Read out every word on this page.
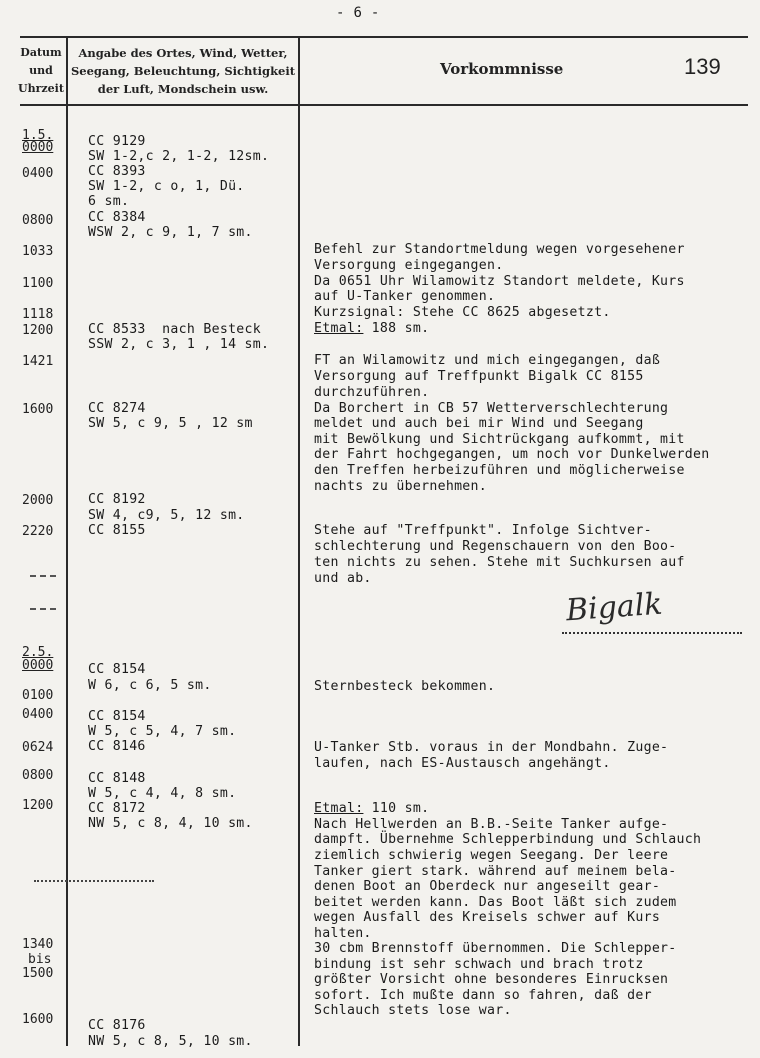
- 6 -
Datum
und
Uhrzeit
Angabe des Ortes, Wind, Wetter, Seegang, Beleuchtung, Sichtigkeit der Luft, Mondschein usw.
Vorkommnisse	139
1.5.
0000
0400
0800
1033
1100
1118
1200
1421
1600
2000
2220
2.5.
0000
0100
0400
0624
0800
1200
1340
bis
1500
1600
CC 9129
SW 1-2,c 2, 1-2, 12sm.
CC 8393
SW 1-2, c o, 1, Dü.
6 sm.
CC 8384
WSW 2, c 9, 1, 7 sm.
CC 8533  nach Besteck
SSW 2, c 3, 1 , 14 sm.
CC 8274
SW 5, c 9, 5 , 12 sm
CC 8192
SW 4, c9, 5, 12 sm.
CC 8155
CC 8154
W 6, c 6, 5 sm.
CC 8154
W 5, c 5, 4, 7 sm.
CC 8146
CC 8148
W 5, c 4, 4, 8 sm.
CC 8172
NW 5, c 8, 4, 10 sm.
CC 8176
NW 5, c 8, 5, 10 sm.
Befehl zur Standortmeldung wegen vorgesehener
Versorgung eingegangen.
Da 0651 Uhr Wilamowitz Standort meldete, Kurs
auf U-Tanker genommen.
Kurzsignal: Stehe CC 8625 abgesetzt.
Etmal: 188 sm.
FT an Wilamowitz und mich eingegangen, daß
Versorgung auf Treffpunkt Bigalk CC 8155
durchzuführen.
Da Borchert in CB 57 Wetterverschlechterung
meldet und auch bei mir Wind und Seegang
mit Bewölkung und Sichtrückgang aufkommt, mit
der Fahrt hochgegangen, um noch vor Dunkelwerden
den Treffen herbeizuführen und möglicherweise
nachts zu übernehmen.
Stehe auf "Treffpunkt". Infolge Sichtver-
schlechterung und Regenschauern von den Boo-
ten nichts zu sehen. Stehe mit Suchkursen auf
und ab.
Bigalk
Sternbesteck bekommen.
U-Tanker Stb. voraus in der Mondbahn. Zuge-
laufen, nach ES-Austausch angehängt.
Etmal: 110 sm.
Nach Hellwerden an B.B.-Seite Tanker aufge-
dampft. Übernehme Schlepperbindung und Schlauch
ziemlich schwierig wegen Seegang. Der leere
Tanker giert stark. während auf meinem bela-
denen Boot an Oberdeck nur angeseilt gear-
beitet werden kann. Das Boot läßt sich zudem
wegen Ausfall des Kreisels schwer auf Kurs
halten.
30 cbm Brennstoff übernommen. Die Schlepper-
bindung ist sehr schwach und brach trotz
größter Vorsicht ohne besonderes Einrucksen
sofort. Ich mußte dann so fahren, daß der
Schlauch stets lose war.
